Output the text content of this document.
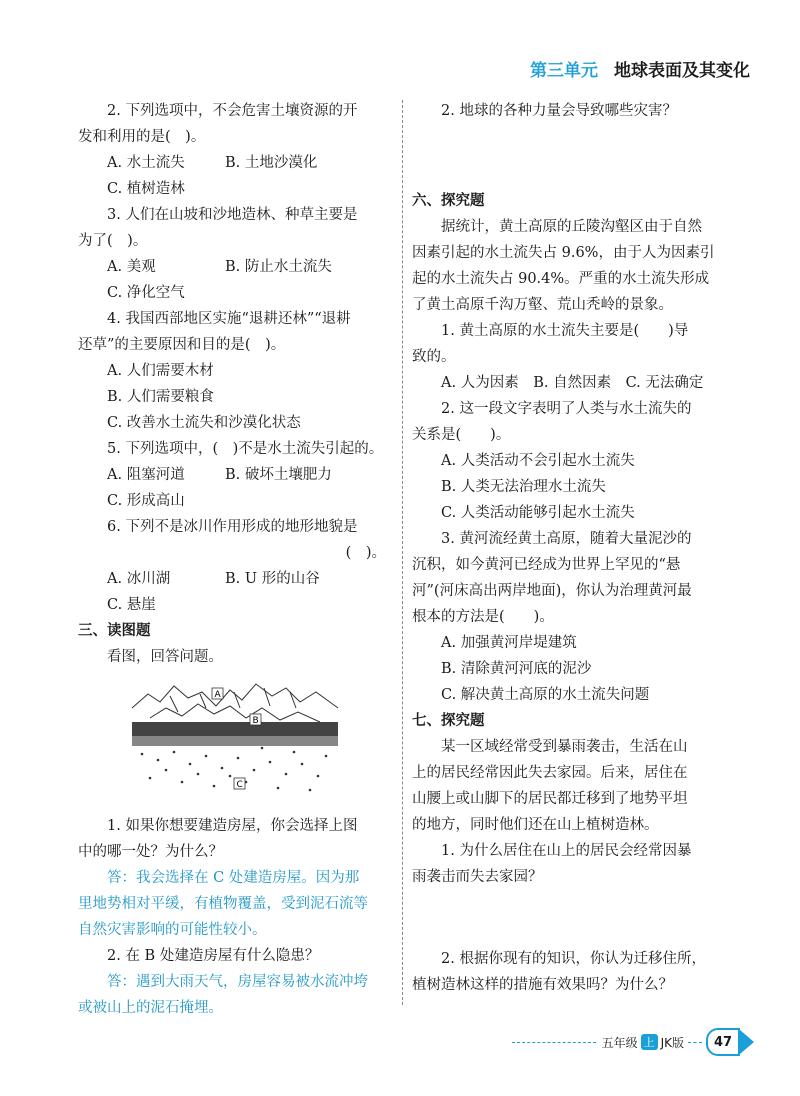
第三单元 地球表面及其变化

2. 下列选项中，不会危害土壤资源的开

发和利用的是(　)。

A. 水土流失	B. 土地沙漠化

C. 植树造林

3. 人们在山坡和沙地造林、种草主要是

为了(　)。

A. 美观	B. 防止水土流失

C. 净化空气

4. 我国西部地区实施“退耕还林”“退耕

还草”的主要原因和目的是(　)。

A. 人们需要木材

B. 人们需要粮食

C. 改善水土流失和沙漠化状态

5. 下列选项中，(　)不是水土流失引起的。

A. 阻塞河道	B. 破坏土壤肥力

C. 形成高山

6. 下列不是冰川作用形成的地形地貌是

(　)。

A. 冰川湖	B. U 形的山谷

C. 悬崖

三、读图题

看图，回答问题。

A
B
C

1. 如果你想要建造房屋，你会选择上图

中的哪一处？为什么？

答：我会选择在 C 处建造房屋。因为那

里地势相对平缓，有植物覆盖，受到泥石流等

自然灾害影响的可能性较小。

2. 在 B 处建造房屋有什么隐患？

答：遇到大雨天气，房屋容易被水流冲垮

或被山上的泥石掩埋。

2. 地球的各种力量会导致哪些灾害？

六、探究题

据统计，黄土高原的丘陵沟壑区由于自然

因素引起的水土流失占 9.6%，由于人为因素引

起的水土流失占 90.4%。严重的水土流失形成

了黄土高原千沟万壑、荒山秃岭的景象。

1. 黄土高原的水土流失主要是(　　)导

致的。

A. 人为因素　B. 自然因素　C. 无法确定

2. 这一段文字表明了人类与水土流失的

关系是(　　)。

A. 人类活动不会引起水土流失

B. 人类无法治理水土流失

C. 人类活动能够引起水土流失

3. 黄河流经黄土高原，随着大量泥沙的

沉积，如今黄河已经成为世界上罕见的“悬

河”(河床高出两岸地面)，你认为治理黄河最

根本的方法是(　　)。

A. 加强黄河岸堤建筑

B. 清除黄河河底的泥沙

C. 解决黄土高原的水土流失问题

七、探究题

某一区域经常受到暴雨袭击，生活在山

上的居民经常因此失去家园。后来，居住在

山腰上或山脚下的居民都迁移到了地势平坦

的地方，同时他们还在山上植树造林。

1. 为什么居住在山上的居民会经常因暴

雨袭击而失去家园？

2. 根据你现有的知识，你认为迁移住所，

植树造林这样的措施有效果吗？为什么？

五年级 上 JK版	47
